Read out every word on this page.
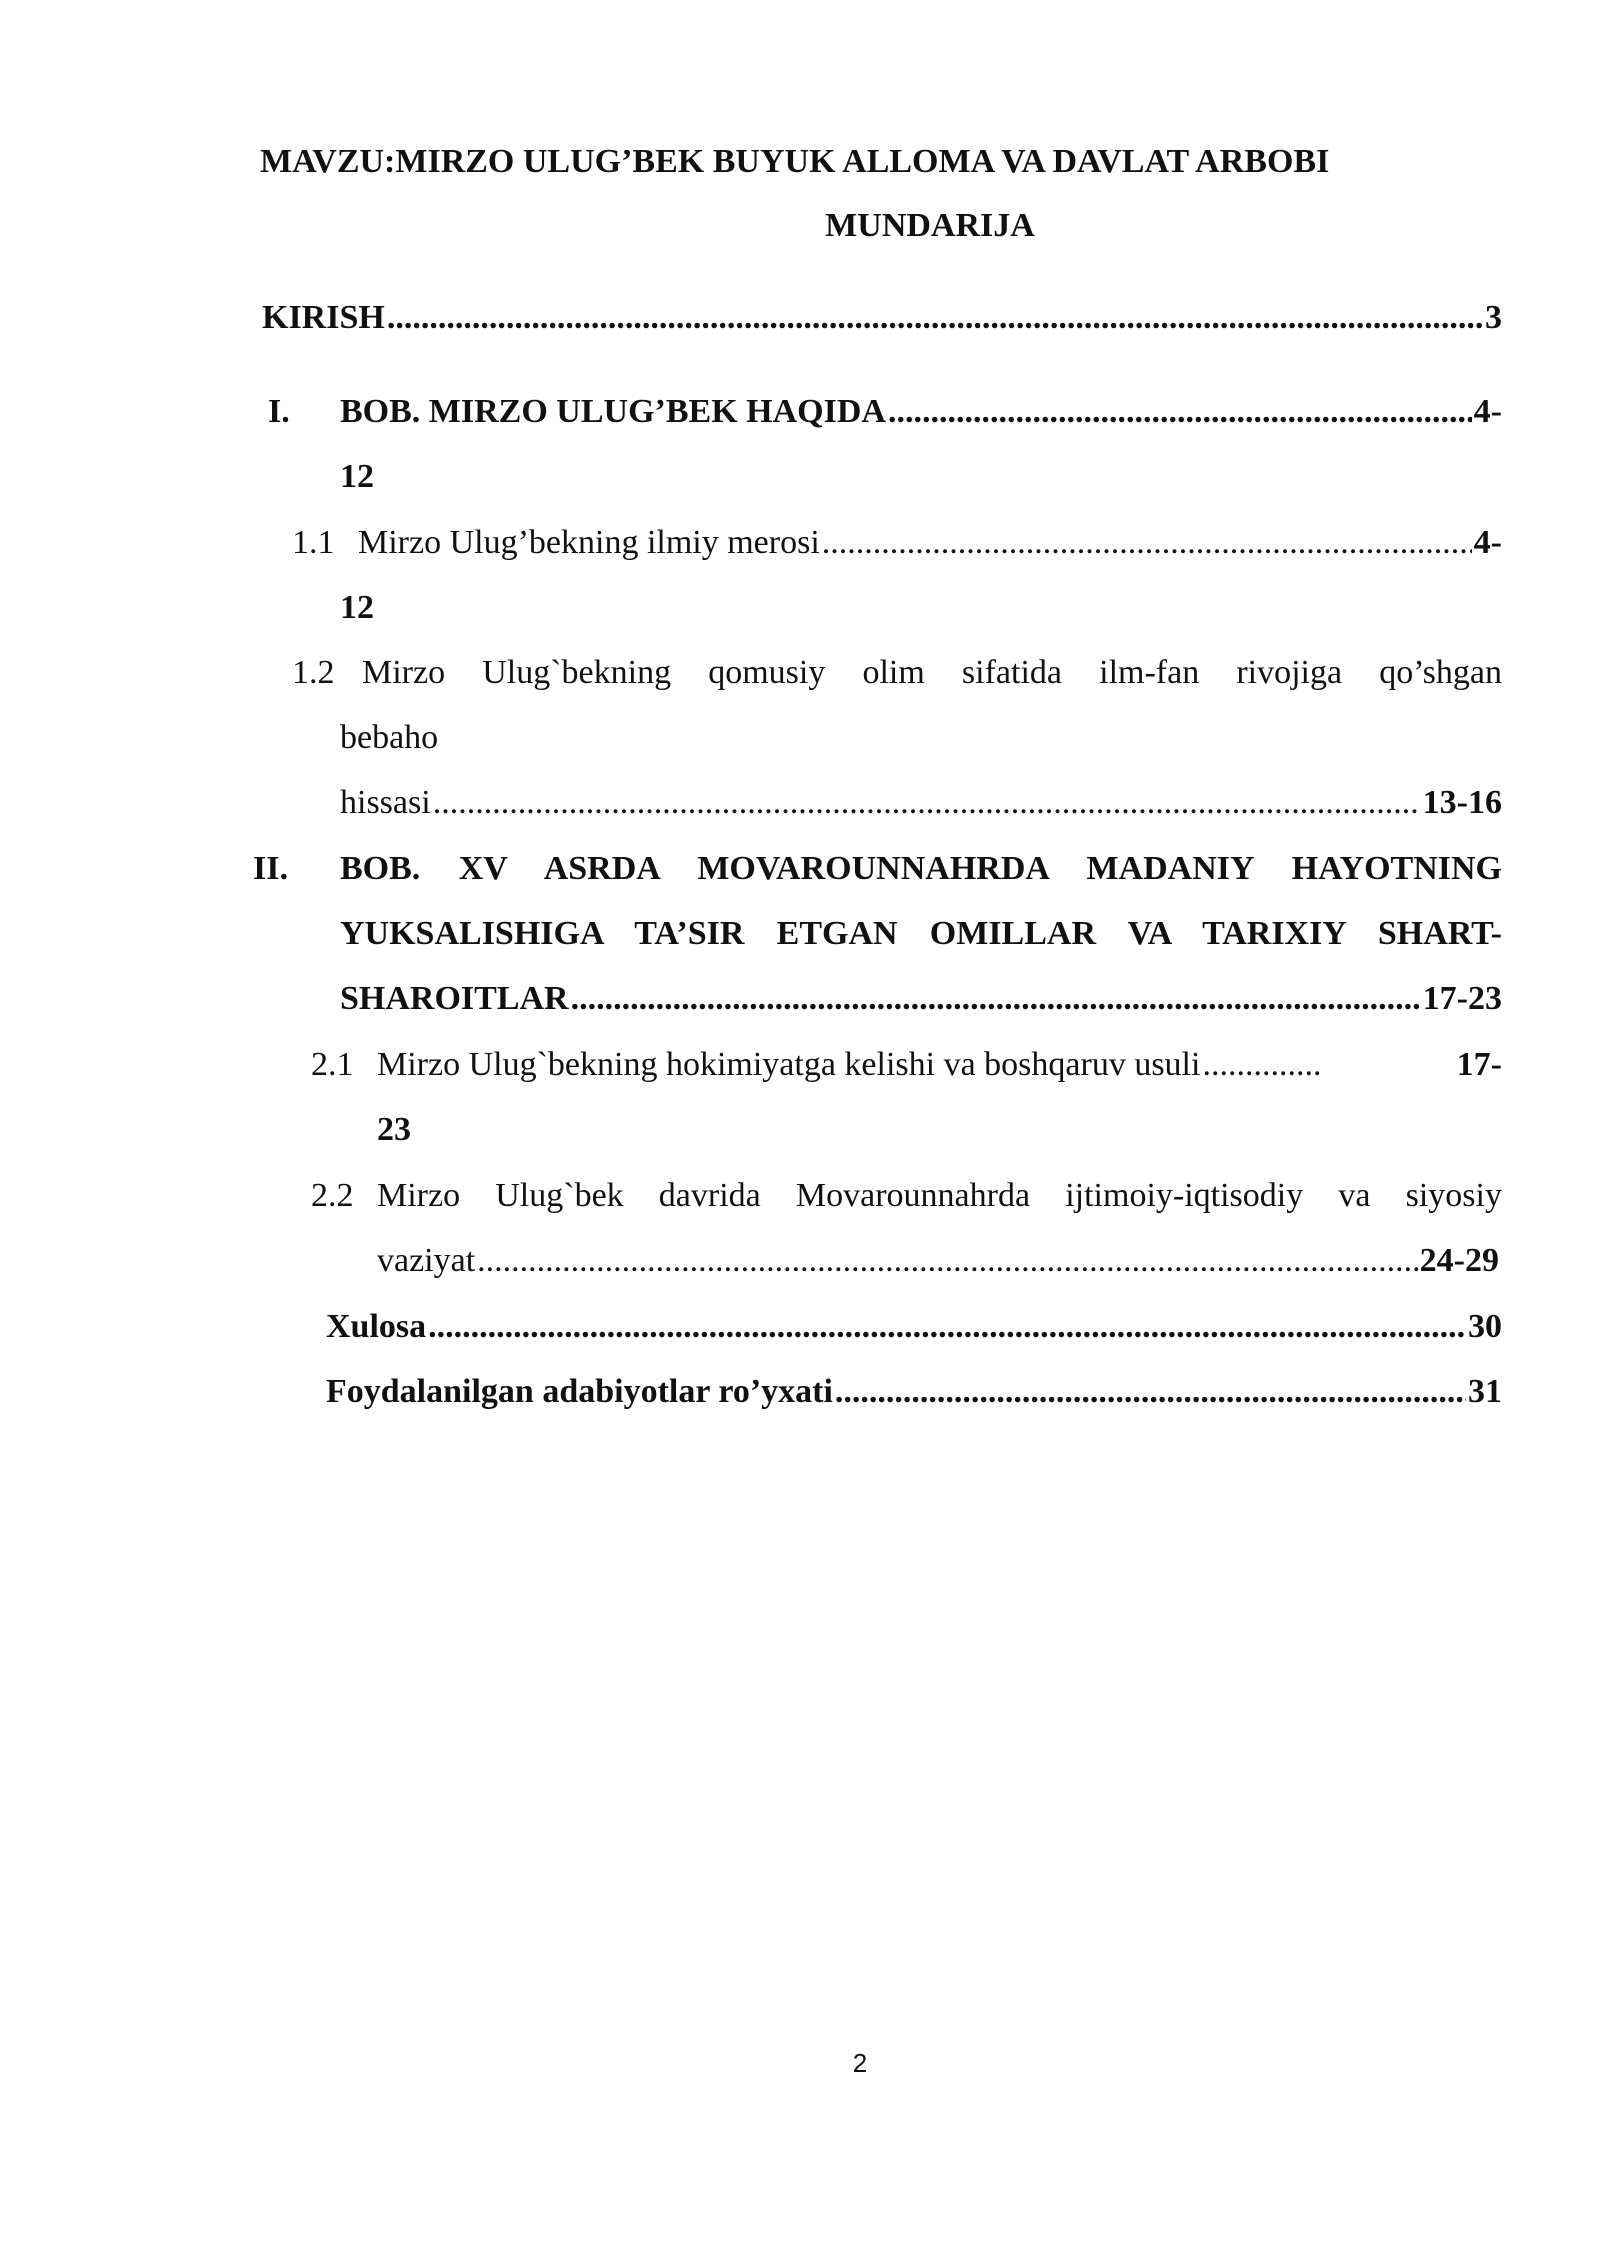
MAVZU:MIRZO ULUG’BEK BUYUK ALLOMA VA DAVLAT ARBOBI
MUNDARIJA
KIRISH .....	3
I. BOB. MIRZO ULUG’BEK HAQIDA .....	4-
12
1.1 Mirzo Ulug’bekning ilmiy merosi .....	4-
12
1.2 Mirzo Ulug`bekning qomusiy olim sifatida ilm-fan rivojiga qo’shgan
bebaho
hissasi .....	13-16
II. BOB. XV ASRDA MOVAROUNNAHRDA MADANIY HAYOTNING
YUKSALISHIGA TA’SIR ETGAN OMILLAR VA TARIXIY SHART-
SHAROITLAR .....	17-23
2.1 Mirzo Ulug`bekning hokimiyatga kelishi va boshqaruv usuli .....	17-
23
2.2 Mirzo Ulug`bek davrida Movarounnahrda ijtimoiy-iqtisodiy va siyosiy
vaziyat .....	24-29
Xulosa .....	30
Foydalanilgan adabiyotlar ro’yxati .....	31
2
